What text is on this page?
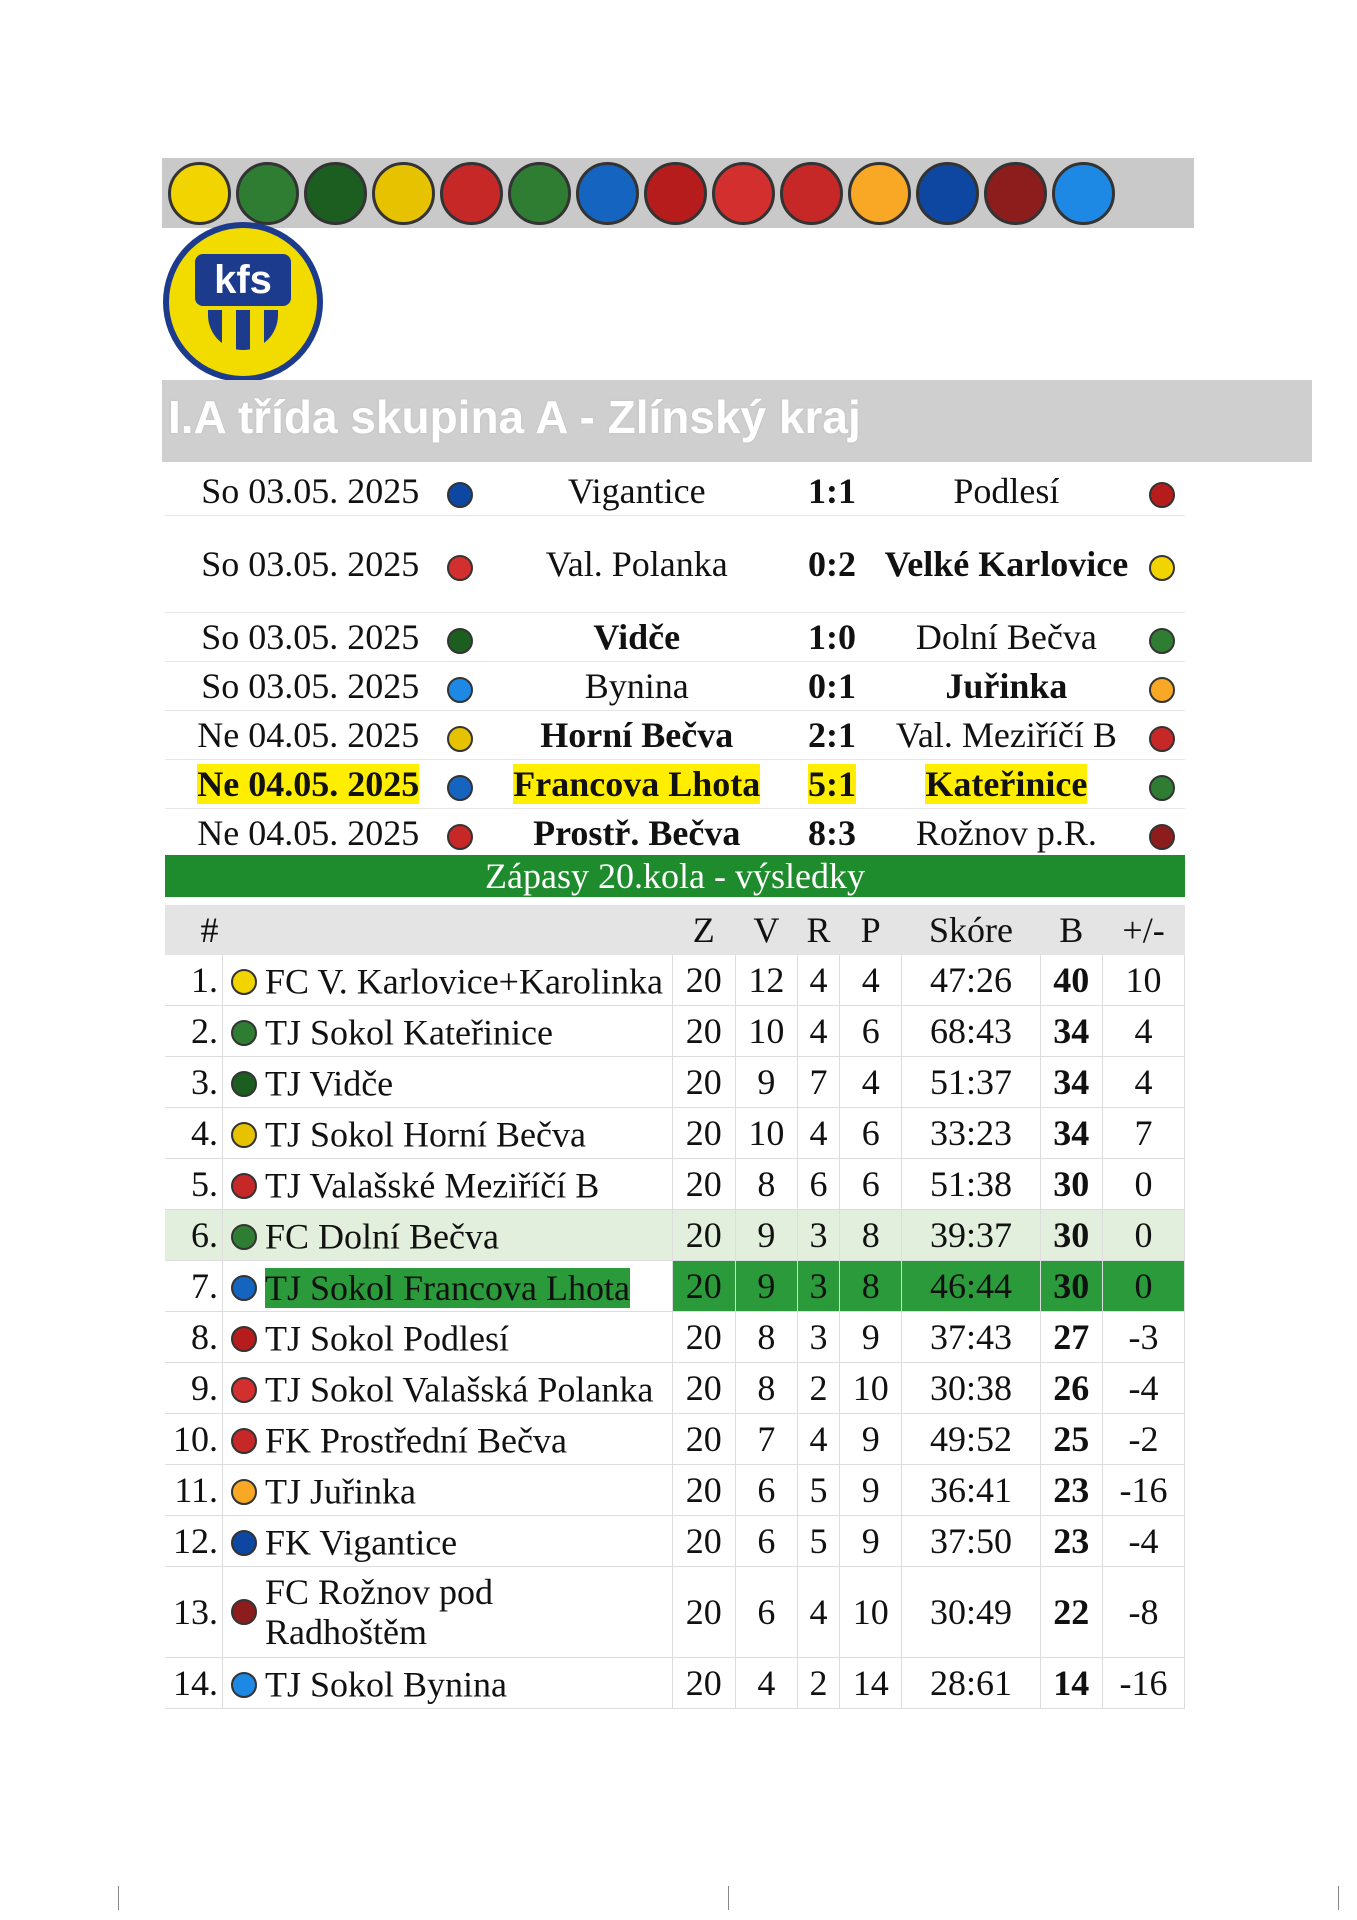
kfs
I.A třída skupina A - Zlínský kraj
So 03.05. 2025		Vigantice	1:1	Podlesí	
So 03.05. 2025		Val. Polanka	0:2	Velké Karlovice	
So 03.05. 2025		Vidče	1:0	Dolní Bečva	
So 03.05. 2025		Bynina	0:1	Juřinka	
Ne 04.05. 2025		Horní Bečva	2:1	Val. Meziříčí B	
Ne 04.05. 2025		Francova Lhota	5:1	Kateřinice	
Ne 04.05. 2025		Prostř. Bečva	8:3	Rožnov p.R.	
Zápasy 20.kola - výsledky
#		Z	V	R	P	Skóre	B	+/-
1.	FC V. Karlovice+Karolinka	20	12	4	4	47:26	40	10
2.	TJ Sokol Kateřinice	20	10	4	6	68:43	34	4
3.	TJ Vidče	20	9	7	4	51:37	34	4
4.	TJ Sokol Horní Bečva	20	10	4	6	33:23	34	7
5.	TJ Valašské Meziříčí B	20	8	6	6	51:38	30	0
6.	FC Dolní Bečva	20	9	3	8	39:37	30	0
7.	TJ Sokol Francova Lhota	20	9	3	8	46:44	30	0
8.	TJ Sokol Podlesí	20	8	3	9	37:43	27	-3
9.	TJ Sokol Valašská Polanka	20	8	2	10	30:38	26	-4
10.	FK Prostřední Bečva	20	7	4	9	49:52	25	-2
11.	TJ Juřinka	20	6	5	9	36:41	23	-16
12.	FK Vigantice	20	6	5	9	37:50	23	-4
13.	FC Rožnov pod Radhoštěm	20	6	4	10	30:49	22	-8
14.	TJ Sokol Bynina	20	4	2	14	28:61	14	-16
